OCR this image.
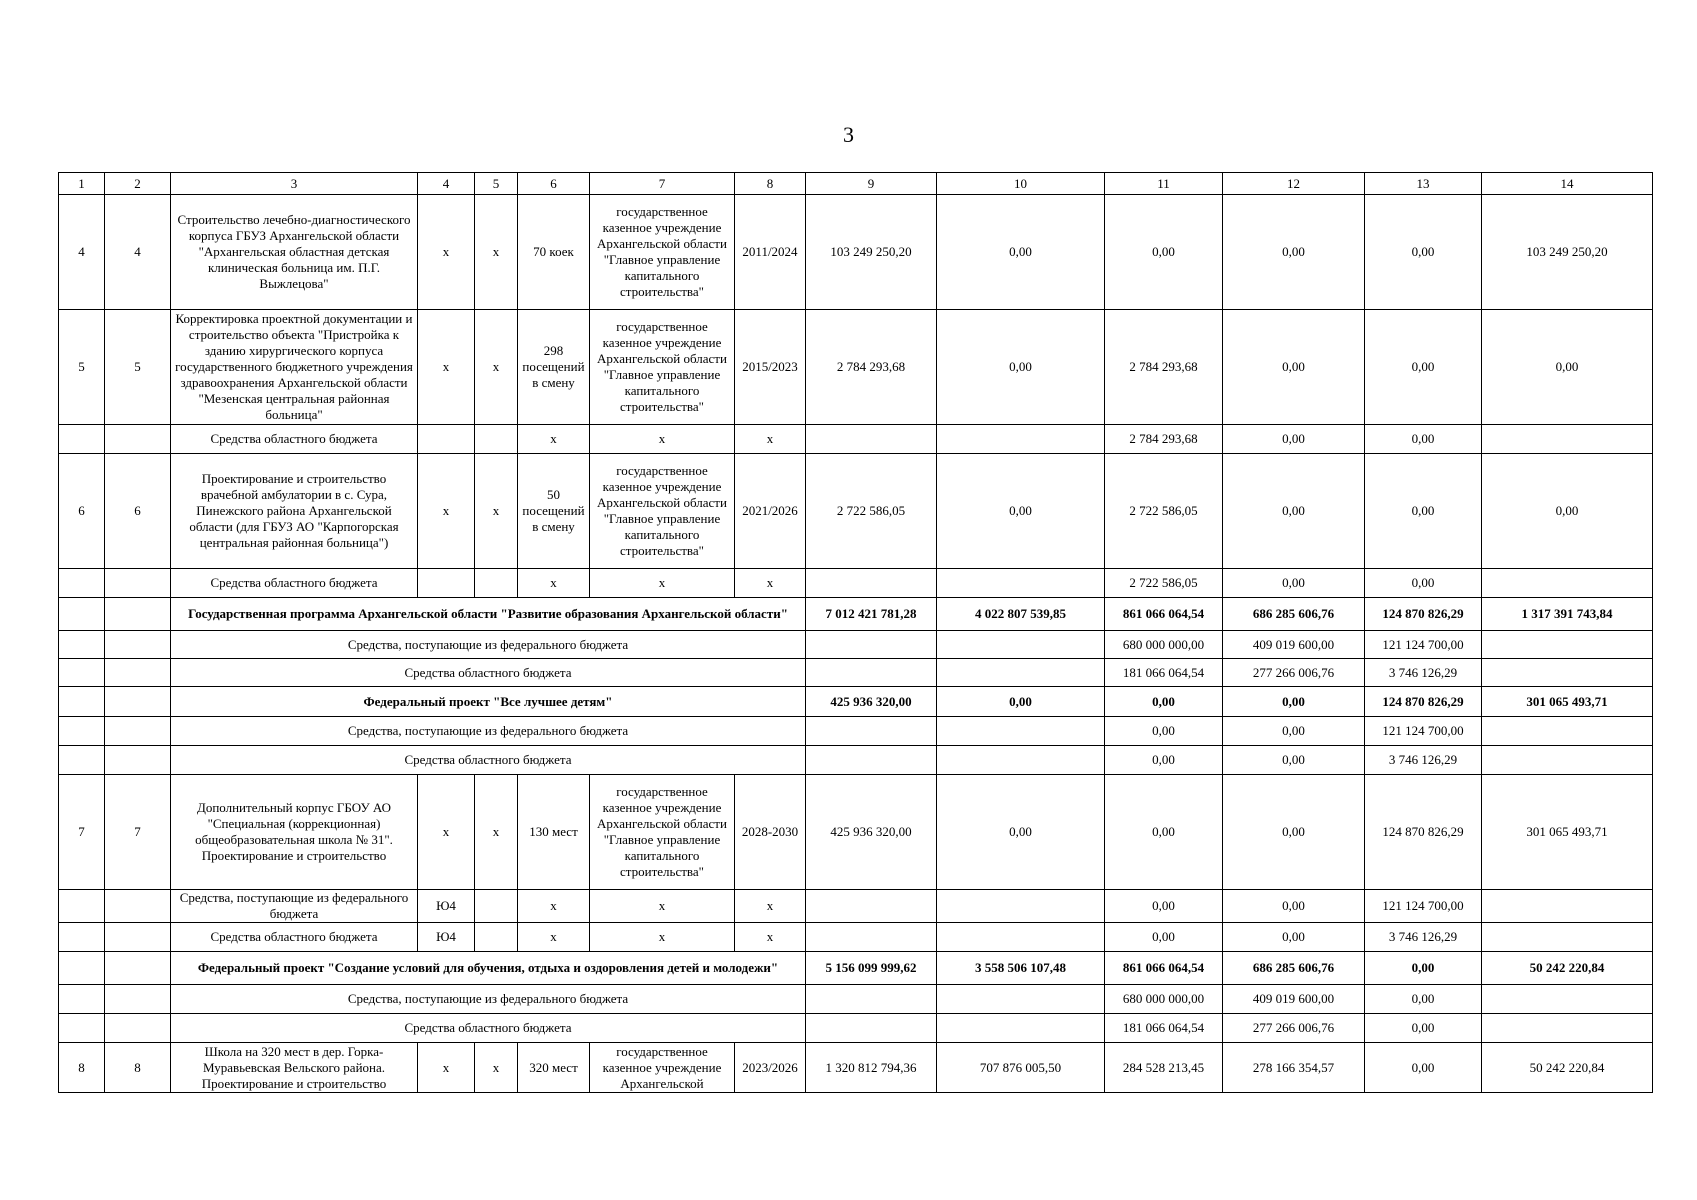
3
1	2	3	4	5	6	7	8	9	10	11	12	13	14
4	4	Строительство лечебно-диагностического корпуса ГБУЗ Архангельской области "Архангельская областная детская клиническая больница им. П.Г. Выжлецова"	х	х	70 коек	государственное казенное учреждение Архангельской области "Главное управление капитального строительства"	2011/2024	103 249 250,20	0,00	0,00	0,00	0,00	103 249 250,20
5	5	Корректировка проектной документации и строительство объекта "Пристройка к зданию хирургического корпуса государственного бюджетного учреждения здравоохранения Архангельской области "Мезенская центральная районная больница"	х	х	298 посещений в смену	государственное казенное учреждение Архангельской области "Главное управление капитального строительства"	2015/2023	2 784 293,68	0,00	2 784 293,68	0,00	0,00	0,00
		Средства областного бюджета			х	х	х			2 784 293,68	0,00	0,00	
6	6	Проектирование и строительство врачебной амбулатории в с. Сура, Пинежского района Архангельской области (для ГБУЗ АО "Карпогорская центральная районная больница")	х	х	50 посещений в смену	государственное казенное учреждение Архангельской области "Главное управление капитального строительства"	2021/2026	2 722 586,05	0,00	2 722 586,05	0,00	0,00	0,00
		Средства областного бюджета			х	х	х			2 722 586,05	0,00	0,00	
		Государственная программа Архангельской области "Развитие образования Архангельской области"						7 012 421 781,28	4 022 807 539,85	861 066 064,54	686 285 606,76	124 870 826,29	1 317 391 743,84
		Средства, поступающие из федерального бюджета								680 000 000,00	409 019 600,00	121 124 700,00	
		Средства областного бюджета								181 066 064,54	277 266 006,76	3 746 126,29	
		Федеральный проект "Все лучшее детям"						425 936 320,00	0,00	0,00	0,00	124 870 826,29	301 065 493,71
		Средства, поступающие из федерального бюджета								0,00	0,00	121 124 700,00	
		Средства областного бюджета								0,00	0,00	3 746 126,29	
7	7	Дополнительный корпус ГБОУ АО "Специальная (коррекционная) общеобразовательная школа № 31". Проектирование и строительство	х	х	130 мест	государственное казенное учреждение Архангельской области "Главное управление капитального строительства"	2028-2030	425 936 320,00	0,00	0,00	0,00	124 870 826,29	301 065 493,71
		Средства, поступающие из федерального бюджета	Ю4		х	х	х			0,00	0,00	121 124 700,00	
		Средства областного бюджета	Ю4		х	х	х			0,00	0,00	3 746 126,29	
		Федеральный проект "Создание условий для обучения, отдыха и оздоровления детей и молодежи"						5 156 099 999,62	3 558 506 107,48	861 066 064,54	686 285 606,76	0,00	50 242 220,84
		Средства, поступающие из федерального бюджета								680 000 000,00	409 019 600,00	0,00	
		Средства областного бюджета								181 066 064,54	277 266 006,76	0,00	
8	8	Школа на 320 мест в дер. Горка-Муравьевская Вельского района. Проектирование и строительство	х	х	320 мест	государственное казенное учреждение Архангельской	2023/2026	1 320 812 794,36	707 876 005,50	284 528 213,45	278 166 354,57	0,00	50 242 220,84
